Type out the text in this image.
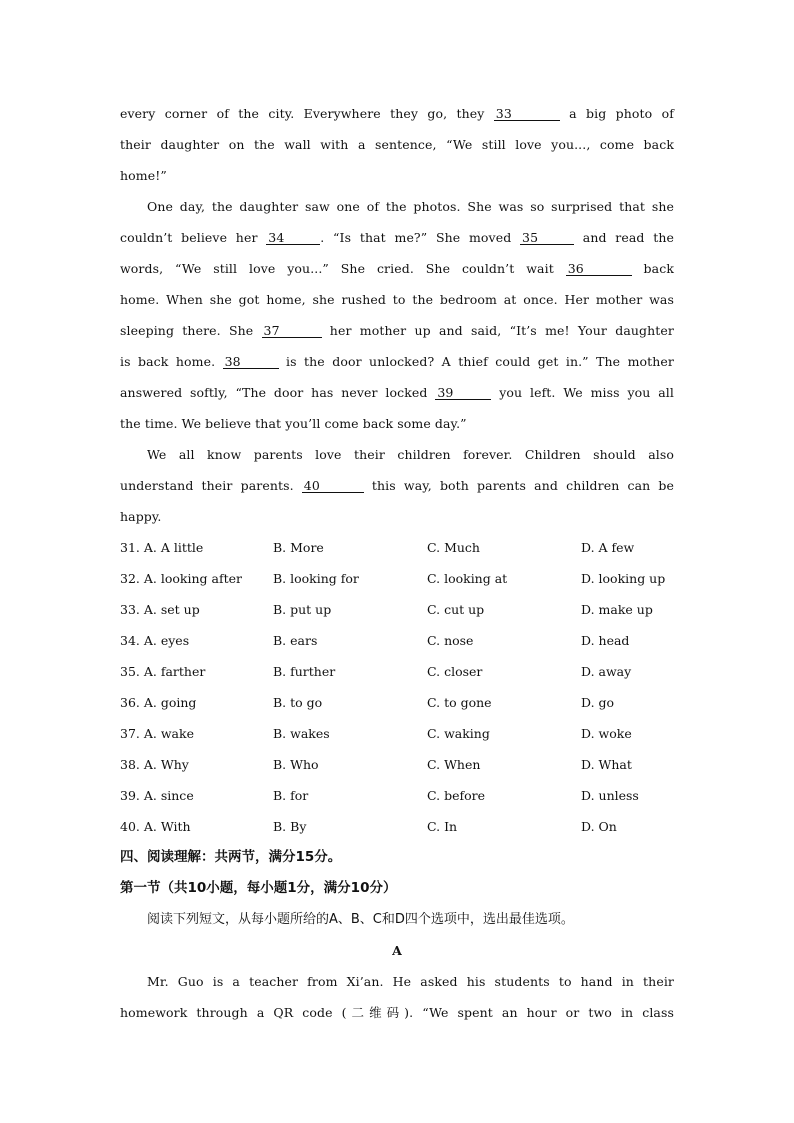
every corner of the city. Everywhere they go, they 33	a big photo of
their daughter on the wall with a sentence, “We still love you..., come back
home!”
One day, the daughter saw one of the photos. She was so surprised that she
couldn’t believe her 34	. “Is that me?” She moved 35	and read the
words, “We still love you...” She cried. She couldn’t wait 36	back
home. When she got home, she rushed to the bedroom at once. Her mother was
sleeping there. She 37	her mother up and said, “It’s me! Your daughter
is back home. 38	is the door unlocked? A thief could get in.” The mother
answered softly, “The door has never locked 39	you left. We miss you all
the time. We believe that you’ll come back some day.”
We all know parents love their children forever. Children should also
understand their parents. 40	this way, both parents and children can be
happy.
31. A. A little	B. More	C. Much	D. A few
32. A. looking after B. looking for	C. looking at	D. looking up
33. A. set up	B. put up	C. cut up	D. make up
34. A. eyes	B. ears	C. nose	D. head
35. A. farther	B. further	C. closer	D. away
36. A. going	B. to go	C. to gone	D. go
37. A. wake	B. wakes	C. waking	D. woke
38. A. Why	B. Who	C. When	D. What
39. A. since	B. for	C. before	D. unless
40. A. With	B. By	C. In	D. On
四、阅读理解：共两节，满分15分。
第一节（共10小题，每小题1分，满分10分）
阅读下列短文，从每小题所给的A、B、C和D四个选项中，选出最佳选项。
A
Mr. Guo is a teacher from Xi’an. He asked his students to hand in their
homework through a QR code (二维码). “We spent an hour or two in class
